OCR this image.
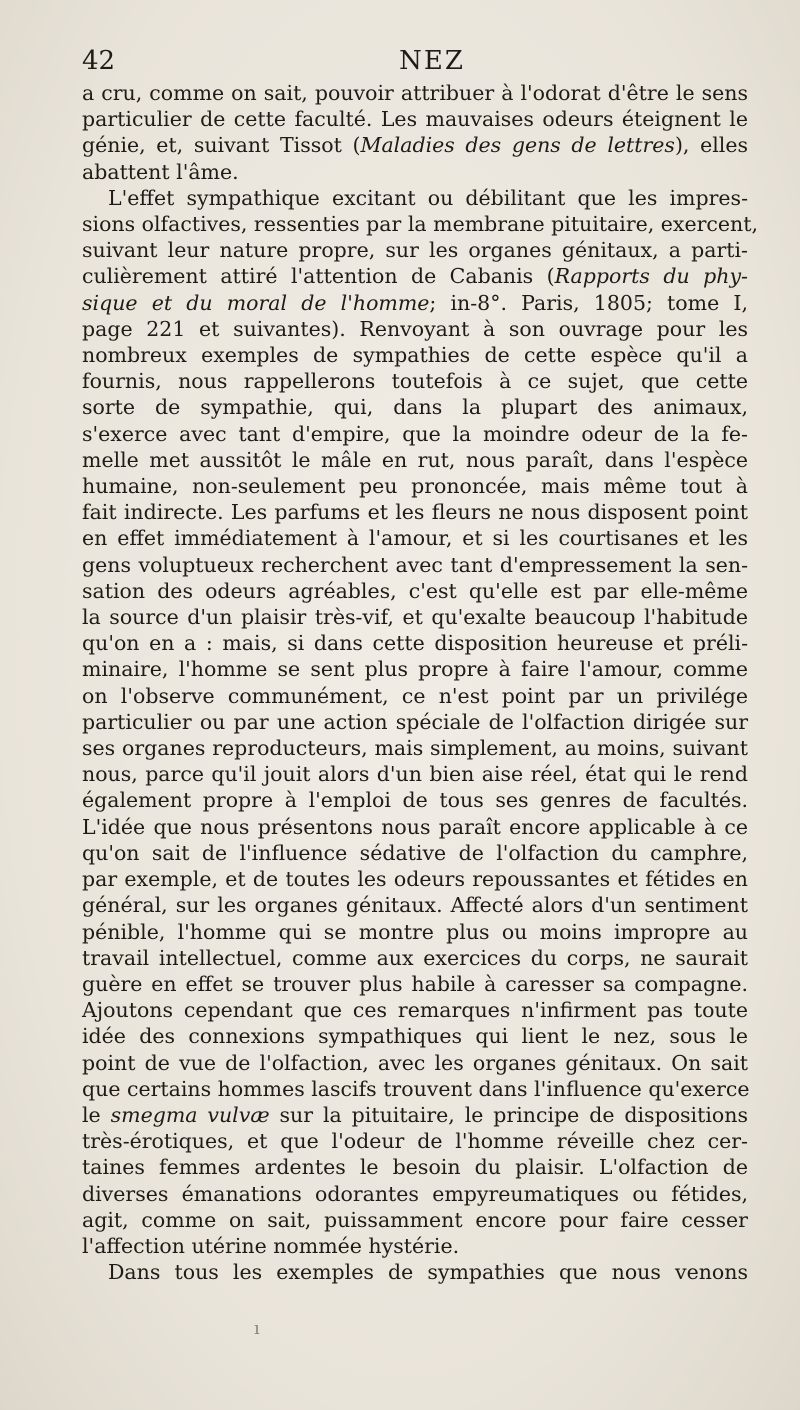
42	NEZ
a cru, comme on sait, pouvoir attribuer à l'odorat d'être le sens
particulier de cette faculté. Les mauvaises odeurs éteignent le
génie, et, suivant Tissot (Maladies des gens de lettres), elles
abattent l'âme.
L'effet sympathique excitant ou débilitant que les impres-
sions olfactives, ressenties par la membrane pituitaire, exercent,
suivant leur nature propre, sur les organes génitaux, a parti-
culièrement attiré l'attention de Cabanis (Rapports du phy-
sique et du moral de l'homme; in-8°. Paris, 1805; tome I,
page 221 et suivantes). Renvoyant à son ouvrage pour les
nombreux exemples de sympathies de cette espèce qu'il a
fournis, nous rappellerons toutefois à ce sujet, que cette
sorte de sympathie, qui, dans la plupart des animaux,
s'exerce avec tant d'empire, que la moindre odeur de la fe-
melle met aussitôt le mâle en rut, nous paraît, dans l'espèce
humaine, non-seulement peu prononcée, mais même tout à
fait indirecte. Les parfums et les fleurs ne nous disposent point
en effet immédiatement à l'amour, et si les courtisanes et les
gens voluptueux recherchent avec tant d'empressement la sen-
sation des odeurs agréables, c'est qu'elle est par elle-même
la source d'un plaisir très-vif, et qu'exalte beaucoup l'habitude
qu'on en a : mais, si dans cette disposition heureuse et préli-
minaire, l'homme se sent plus propre à faire l'amour, comme
on l'observe communément, ce n'est point par un privilége
particulier ou par une action spéciale de l'olfaction dirigée sur
ses organes reproducteurs, mais simplement, au moins, suivant
nous, parce qu'il jouit alors d'un bien aise réel, état qui le rend
également propre à l'emploi de tous ses genres de facultés.
L'idée que nous présentons nous paraît encore applicable à ce
qu'on sait de l'influence sédative de l'olfaction du camphre,
par exemple, et de toutes les odeurs repoussantes et fétides en
général, sur les organes génitaux. Affecté alors d'un sentiment
pénible, l'homme qui se montre plus ou moins impropre au
travail intellectuel, comme aux exercices du corps, ne saurait
guère en effet se trouver plus habile à caresser sa compagne.
Ajoutons cependant que ces remarques n'infirment pas toute
idée des connexions sympathiques qui lient le nez, sous le
point de vue de l'olfaction, avec les organes génitaux. On sait
que certains hommes lascifs trouvent dans l'influence qu'exerce
le smegma vulvæ sur la pituitaire, le principe de dispositions
très-érotiques, et que l'odeur de l'homme réveille chez cer-
taines femmes ardentes le besoin du plaisir. L'olfaction de
diverses émanations odorantes empyreumatiques ou fétides,
agit, comme on sait, puissamment encore pour faire cesser
l'affection utérine nommée hystérie.
Dans tous les exemples de sympathies que nous venons
ı
